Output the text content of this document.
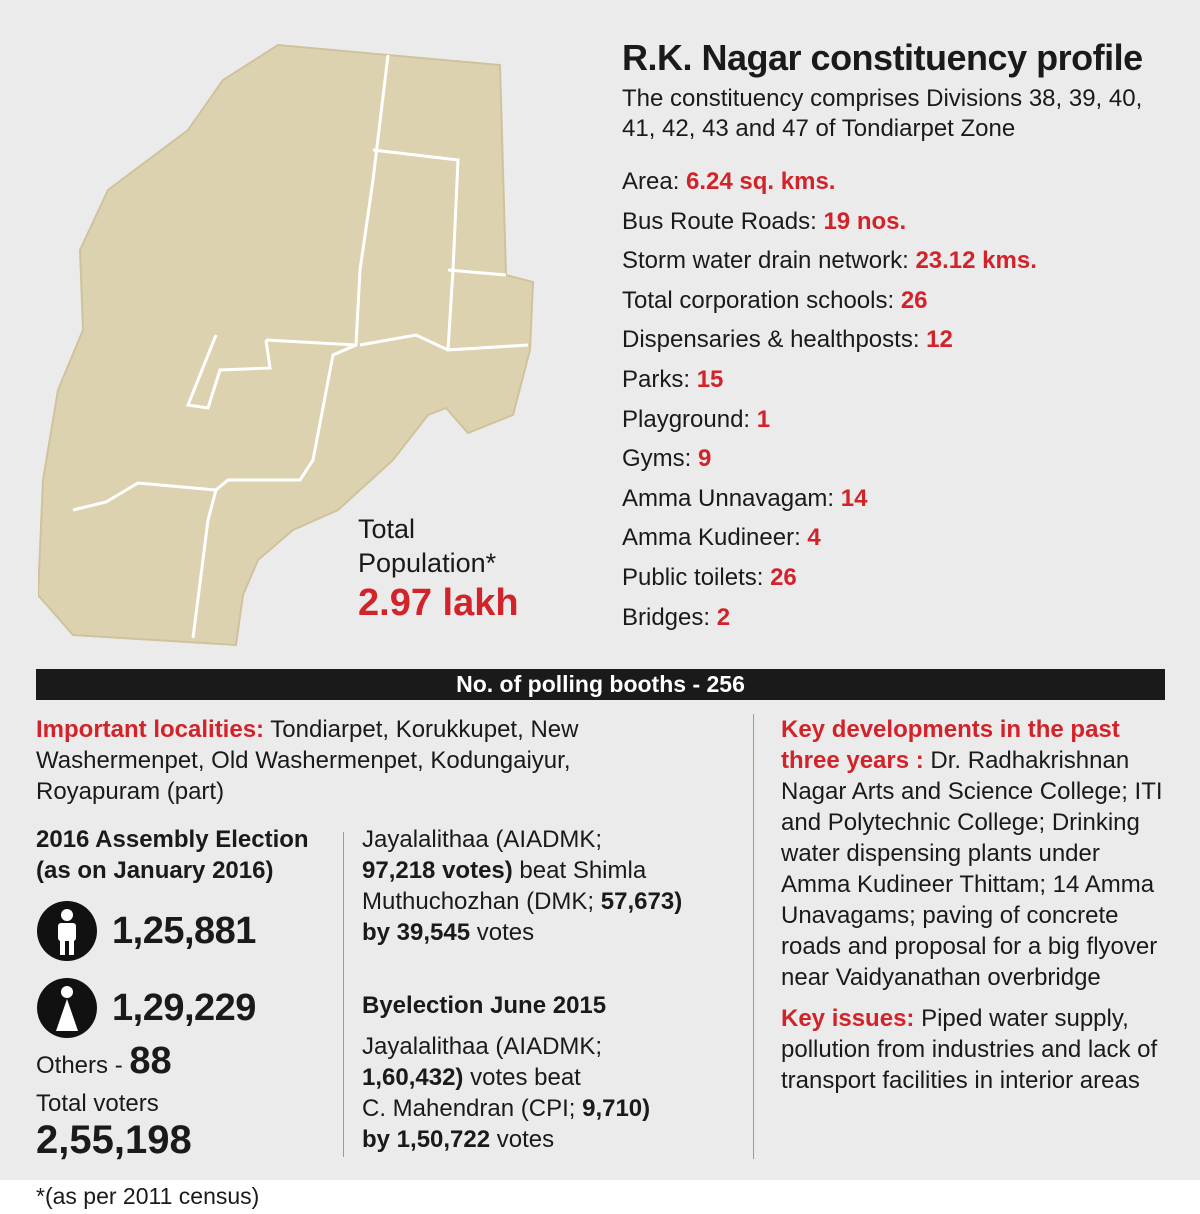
Total
Population*
2.97 lakh
R.K. Nagar constituency profile
The constituency comprises Divisions 38, 39, 40, 41, 42, 43 and 47 of Tondiarpet Zone
Area: 6.24 sq. kms.
Bus Route Roads: 19 nos.
Storm water drain network: 23.12 kms.
Total corporation schools: 26
Dispensaries & healthposts: 12
Parks: 15
Playground: 1
Gyms: 9
Amma Unnavagam: 14
Amma Kudineer: 4
Public toilets: 26
Bridges: 2
No. of polling booths - 256
Important localities: Tondiarpet, Korukkupet, New Washermenpet, Old Washermenpet, Kodungaiyur, Royapuram (part)
2016 Assembly Election
(as on January 2016)
1,25,881
1,29,229
Others - 88
Total voters
2,55,198
Jayalalithaa (AIADMK;
97,218 votes) beat Shimla
Muthuchozhan (DMK; 57,673)
by 39,545 votes
Byelection June 2015
Jayalalithaa (AIADMK;
1,60,432) votes beat
C. Mahendran (CPI; 9,710)
by 1,50,722 votes
Key developments in the past three years : Dr. Radhakrishnan Nagar Arts and Science College; ITI and Polytechnic College; Drinking water dispensing plants under Amma Kudineer Thittam; 14 Amma Unavagams; paving of concrete roads and proposal for a big flyover near Vaidyanathan overbridge
Key issues: Piped water supply, pollution from industries and lack of transport facilities in interior areas
*(as per 2011 census)
